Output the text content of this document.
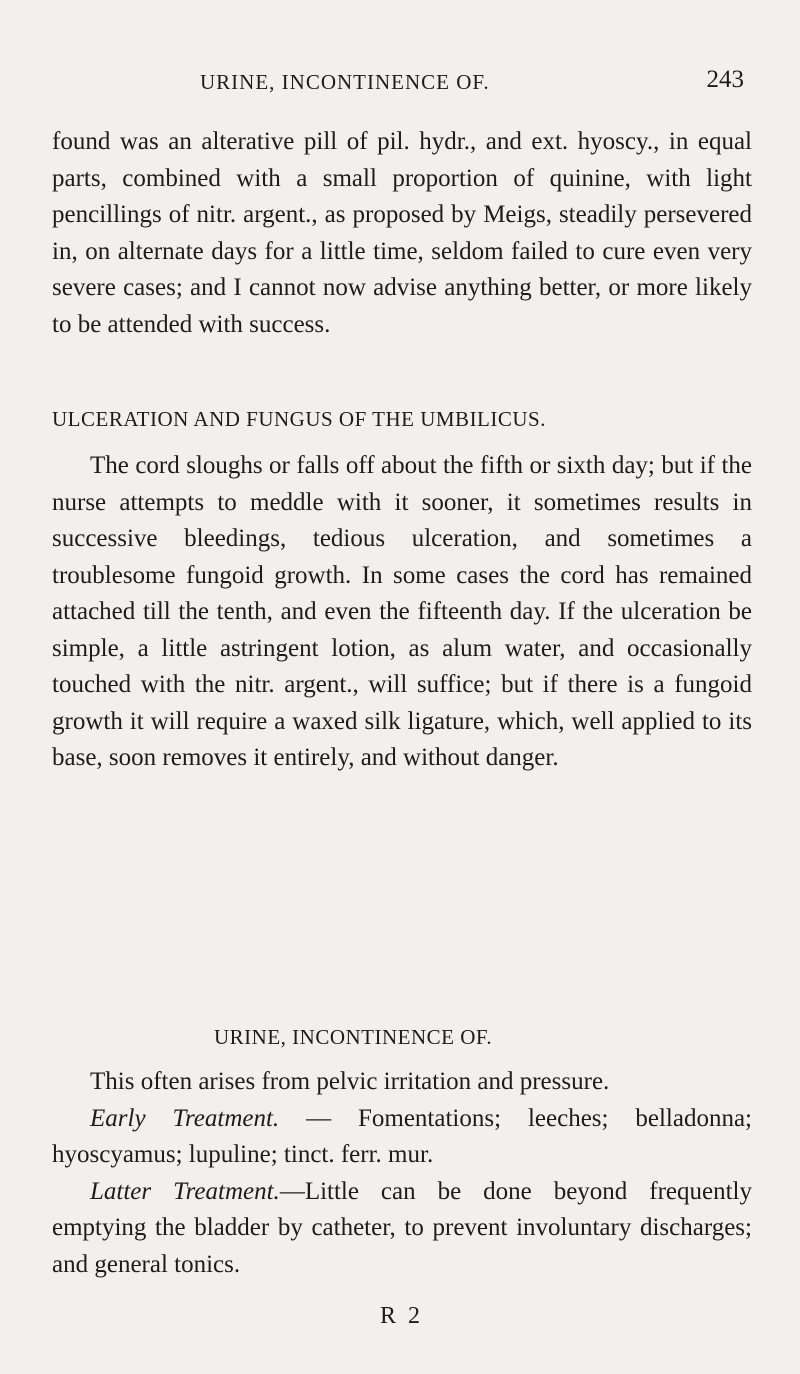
URINE, INCONTINENCE OF.	243

found was an alterative pill of pil. hydr., and ext. hyoscy., in equal parts, combined with a small proportion of quinine, with light pencillings of nitr. argent., as proposed by Meigs, steadily persevered in, on alternate days for a little time, seldom failed to cure even very severe cases; and I cannot now advise anything better, or more likely to be attended with success.

ULCERATION AND FUNGUS OF THE UMBILICUS.

The cord sloughs or falls off about the fifth or sixth day; but if the nurse attempts to meddle with it sooner, it sometimes results in successive bleedings, tedious ulceration, and sometimes a troublesome fungoid growth. In some cases the cord has remained attached till the tenth, and even the fifteenth day. If the ulceration be simple, a little astringent lotion, as alum water, and occasionally touched with the nitr. argent., will suffice; but if there is a fungoid growth it will require a waxed silk ligature, which, well applied to its base, soon removes it entirely, and without danger.

URINE, INCONTINENCE OF.

This often arises from pelvic irritation and pressure.

Early Treatment. — Fomentations; leeches; belladonna; hyoscyamus; lupuline; tinct. ferr. mur.

Latter Treatment.—Little can be done beyond frequently emptying the bladder by catheter, to prevent involuntary discharges; and general tonics.

R 2
